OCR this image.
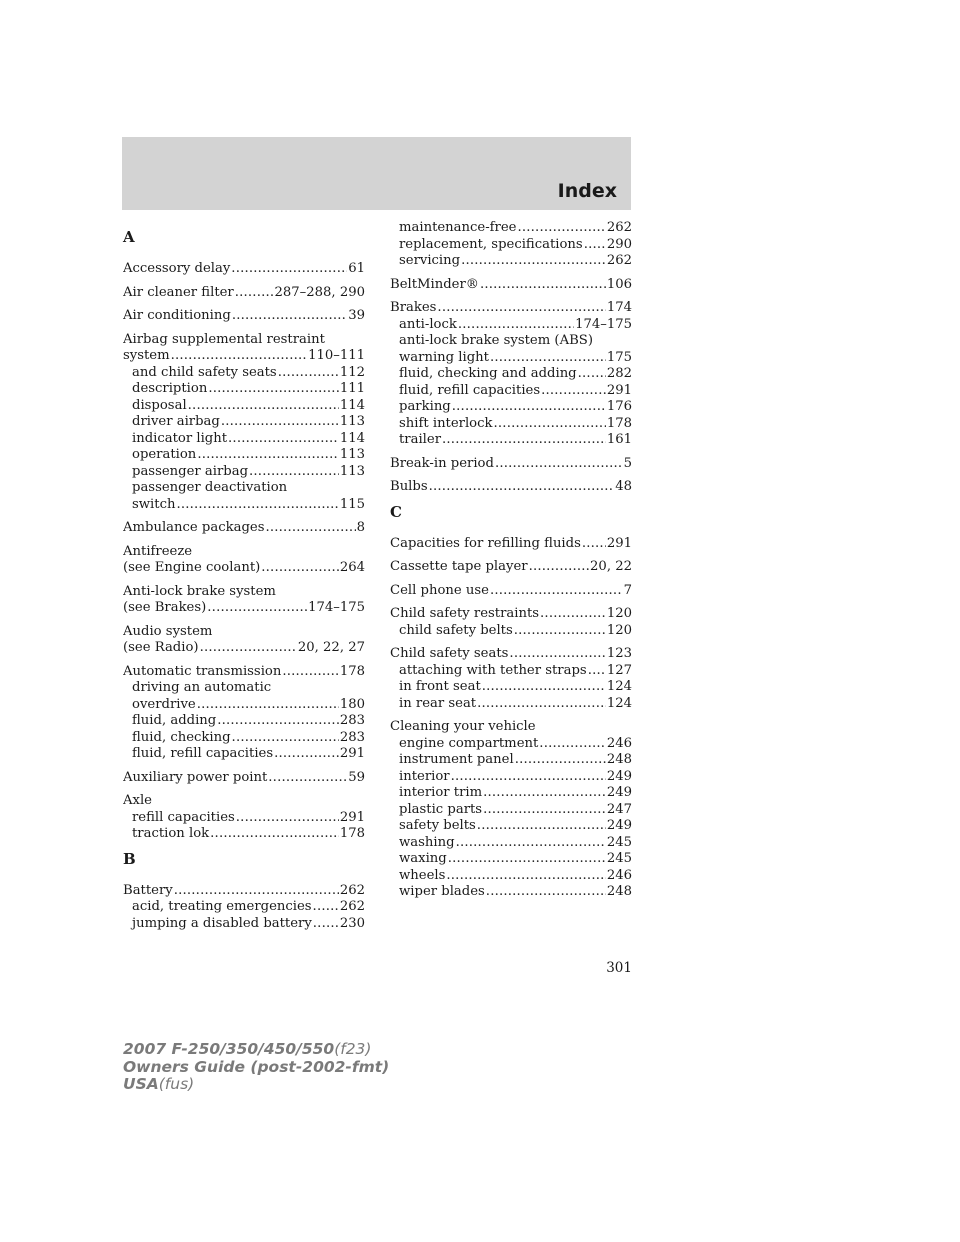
Index
A
Accessory delay .....	61
Air cleaner filter .....	287–288, 290
Air conditioning .....	39
Airbag supplemental restraint
system .....	110–111
and child safety seats .....	112
description .....	111
disposal .....	114
driver airbag .....	113
indicator light .....	114
operation .....	113
passenger airbag .....	113
passenger deactivation
switch .....	115
Ambulance packages .....	8
Antifreeze
(see Engine coolant) .....	264
Anti-lock brake system
(see Brakes) .....	174–175
Audio system
(see Radio) .....	20, 22, 27
Automatic transmission .....	178
driving an automatic
overdrive .....	180
fluid, adding .....	283
fluid, checking .....	283
fluid, refill capacities .....	291
Auxiliary power point .....	59
Axle
refill capacities .....	291
traction lok .....	178
B
Battery .....	262
acid, treating emergencies ..... 262
jumping a disabled battery ..... 230
maintenance-free .....	262
replacement, specifications ..... 290
servicing .....	262
BeltMinder® .....	106
Brakes .....	174
anti-lock .....	174–175
anti-lock brake system (ABS)
warning light .....	175
fluid, checking and adding ..... 282
fluid, refill capacities .....	291
parking .....	176
shift interlock .....	178
trailer .....	161
Break-in period .....	5
Bulbs .....	48
C
Capacities for refilling fluids ..... 291
Cassette tape player .....	20, 22
Cell phone use .....	7
Child safety restraints .....	120
child safety belts .....	120
Child safety seats .....	123
attaching with tether straps ..... 127
in front seat .....	124
in rear seat .....	124
Cleaning your vehicle
engine compartment .....	246
instrument panel .....	248
interior .....	249
interior trim .....	249
plastic parts .....	247
safety belts .....	249
washing .....	245
waxing .....	245
wheels .....	246
wiper blades .....	248
301
2007 F-250/350/450/550(f23)
Owners Guide (post-2002-fmt)
USA(fus)
